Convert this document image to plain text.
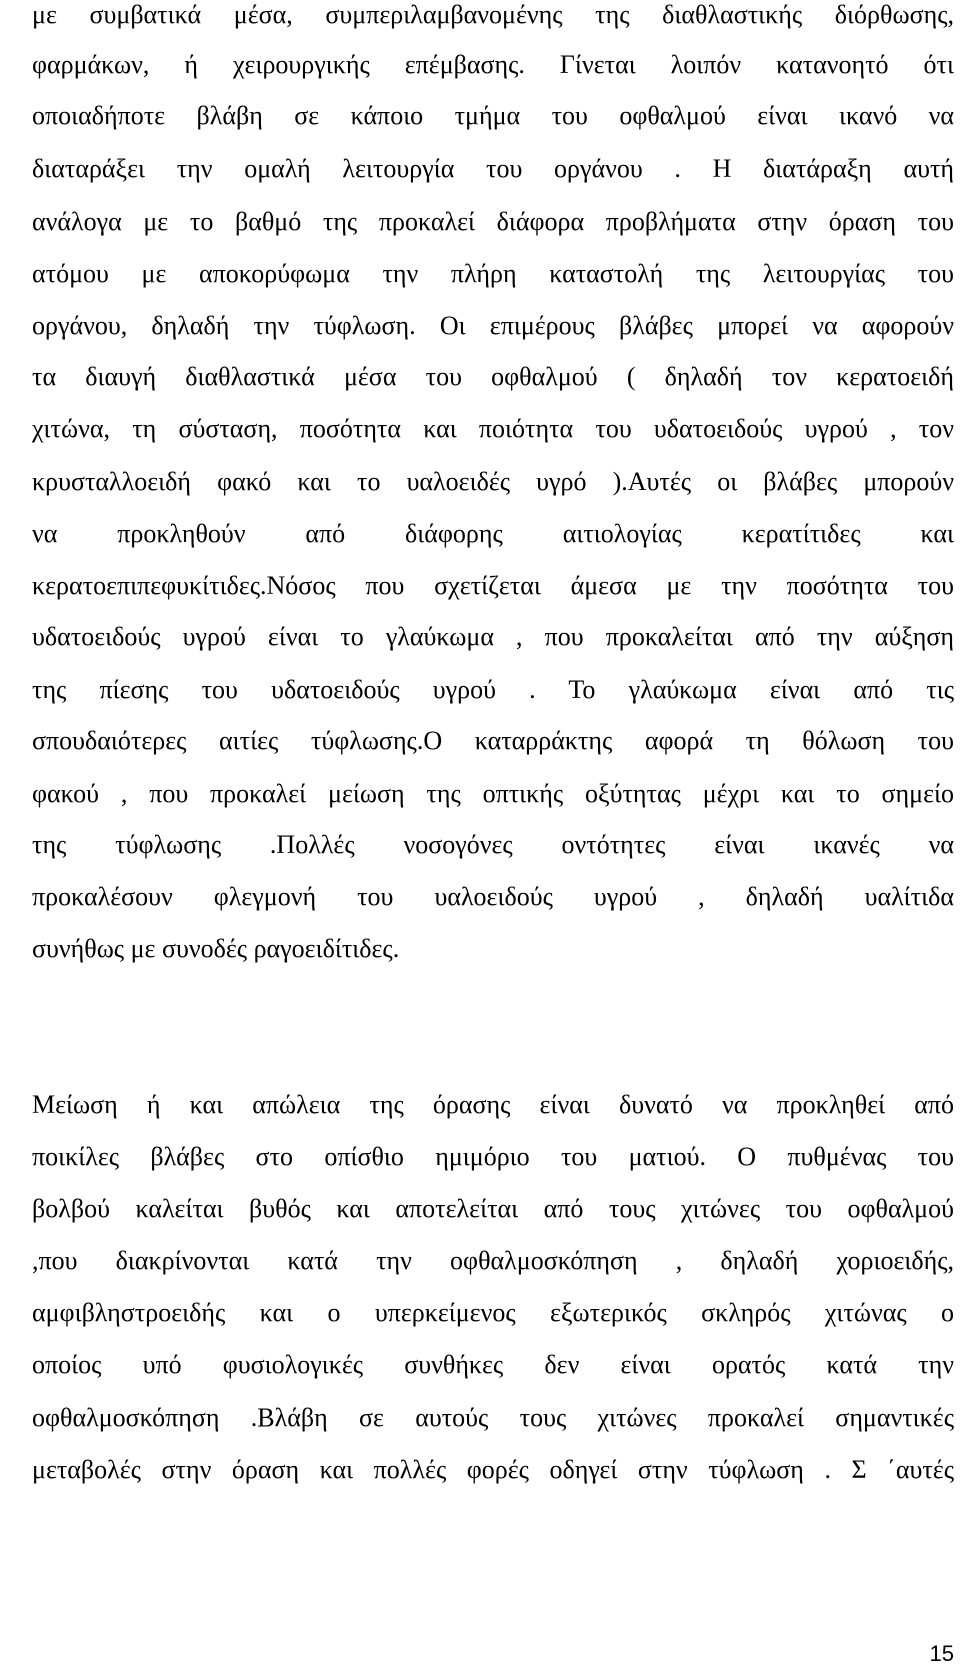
με συμβατικά μέσα, συμπεριλαμβανομένης της διαθλαστικής διόρθωσης,
φαρμάκων, ή χειρουργικής επέμβασης. Γίνεται λοιπόν κατανοητό ότι
οποιαδήποτε βλάβη σε κάποιο τμήμα του οφθαλμού είναι ικανό να
διαταράξει την ομαλή λειτουργία του οργάνου . Η διατάραξη αυτή
ανάλογα με το βαθμό της προκαλεί διάφορα προβλήματα στην όραση του
ατόμου με αποκορύφωμα την πλήρη καταστολή της λειτουργίας του
οργάνου, δηλαδή την τύφλωση. Οι επιμέρους βλάβες μπορεί να αφορούν
τα διαυγή διαθλαστικά μέσα του οφθαλμού ( δηλαδή τον κερατοειδή
χιτώνα, τη σύσταση, ποσότητα και ποιότητα του υδατοειδούς υγρού , τον
κρυσταλλοειδή φακό και το υαλοειδές υγρό ).Αυτές οι βλάβες μπορούν
να προκληθούν από διάφορης αιτιολογίας κερατίτιδες και
κερατοεπιπεφυκίτιδες.Νόσος που σχετίζεται άμεσα με την ποσότητα του
υδατοειδούς υγρού είναι το γλαύκωμα , που προκαλείται από την αύξηση
της πίεσης του υδατοειδούς υγρού . Το γλαύκωμα είναι από τις
σπουδαιότερες αιτίες τύφλωσης.Ο καταρράκτης αφορά τη θόλωση του
φακού , που προκαλεί μείωση της οπτικής οξύτητας μέχρι και το σημείο
της τύφλωσης .Πολλές νοσογόνες οντότητες είναι ικανές να
προκαλέσουν φλεγμονή του υαλοειδούς υγρού , δηλαδή υαλίτιδα
συνήθως με συνοδές ραγοειδίτιδες.
Μείωση ή και απώλεια της όρασης είναι δυνατό να προκληθεί από
ποικίλες βλάβες στο οπίσθιο ημιμόριο του ματιού. Ο πυθμένας του
βολβού καλείται βυθός και αποτελείται από τους χιτώνες του οφθαλμού
,που διακρίνονται κατά την οφθαλμοσκόπηση , δηλαδή χοριοειδής,
αμφιβληστροειδής και ο υπερκείμενος εξωτερικός σκληρός χιτώνας ο
οποίος υπό φυσιολογικές συνθήκες δεν είναι ορατός κατά την
οφθαλμοσκόπηση .Βλάβη σε αυτούς τους χιτώνες προκαλεί σημαντικές
μεταβολές στην όραση και πολλές φορές οδηγεί στην τύφλωση . Σ ΄αυτές
15
